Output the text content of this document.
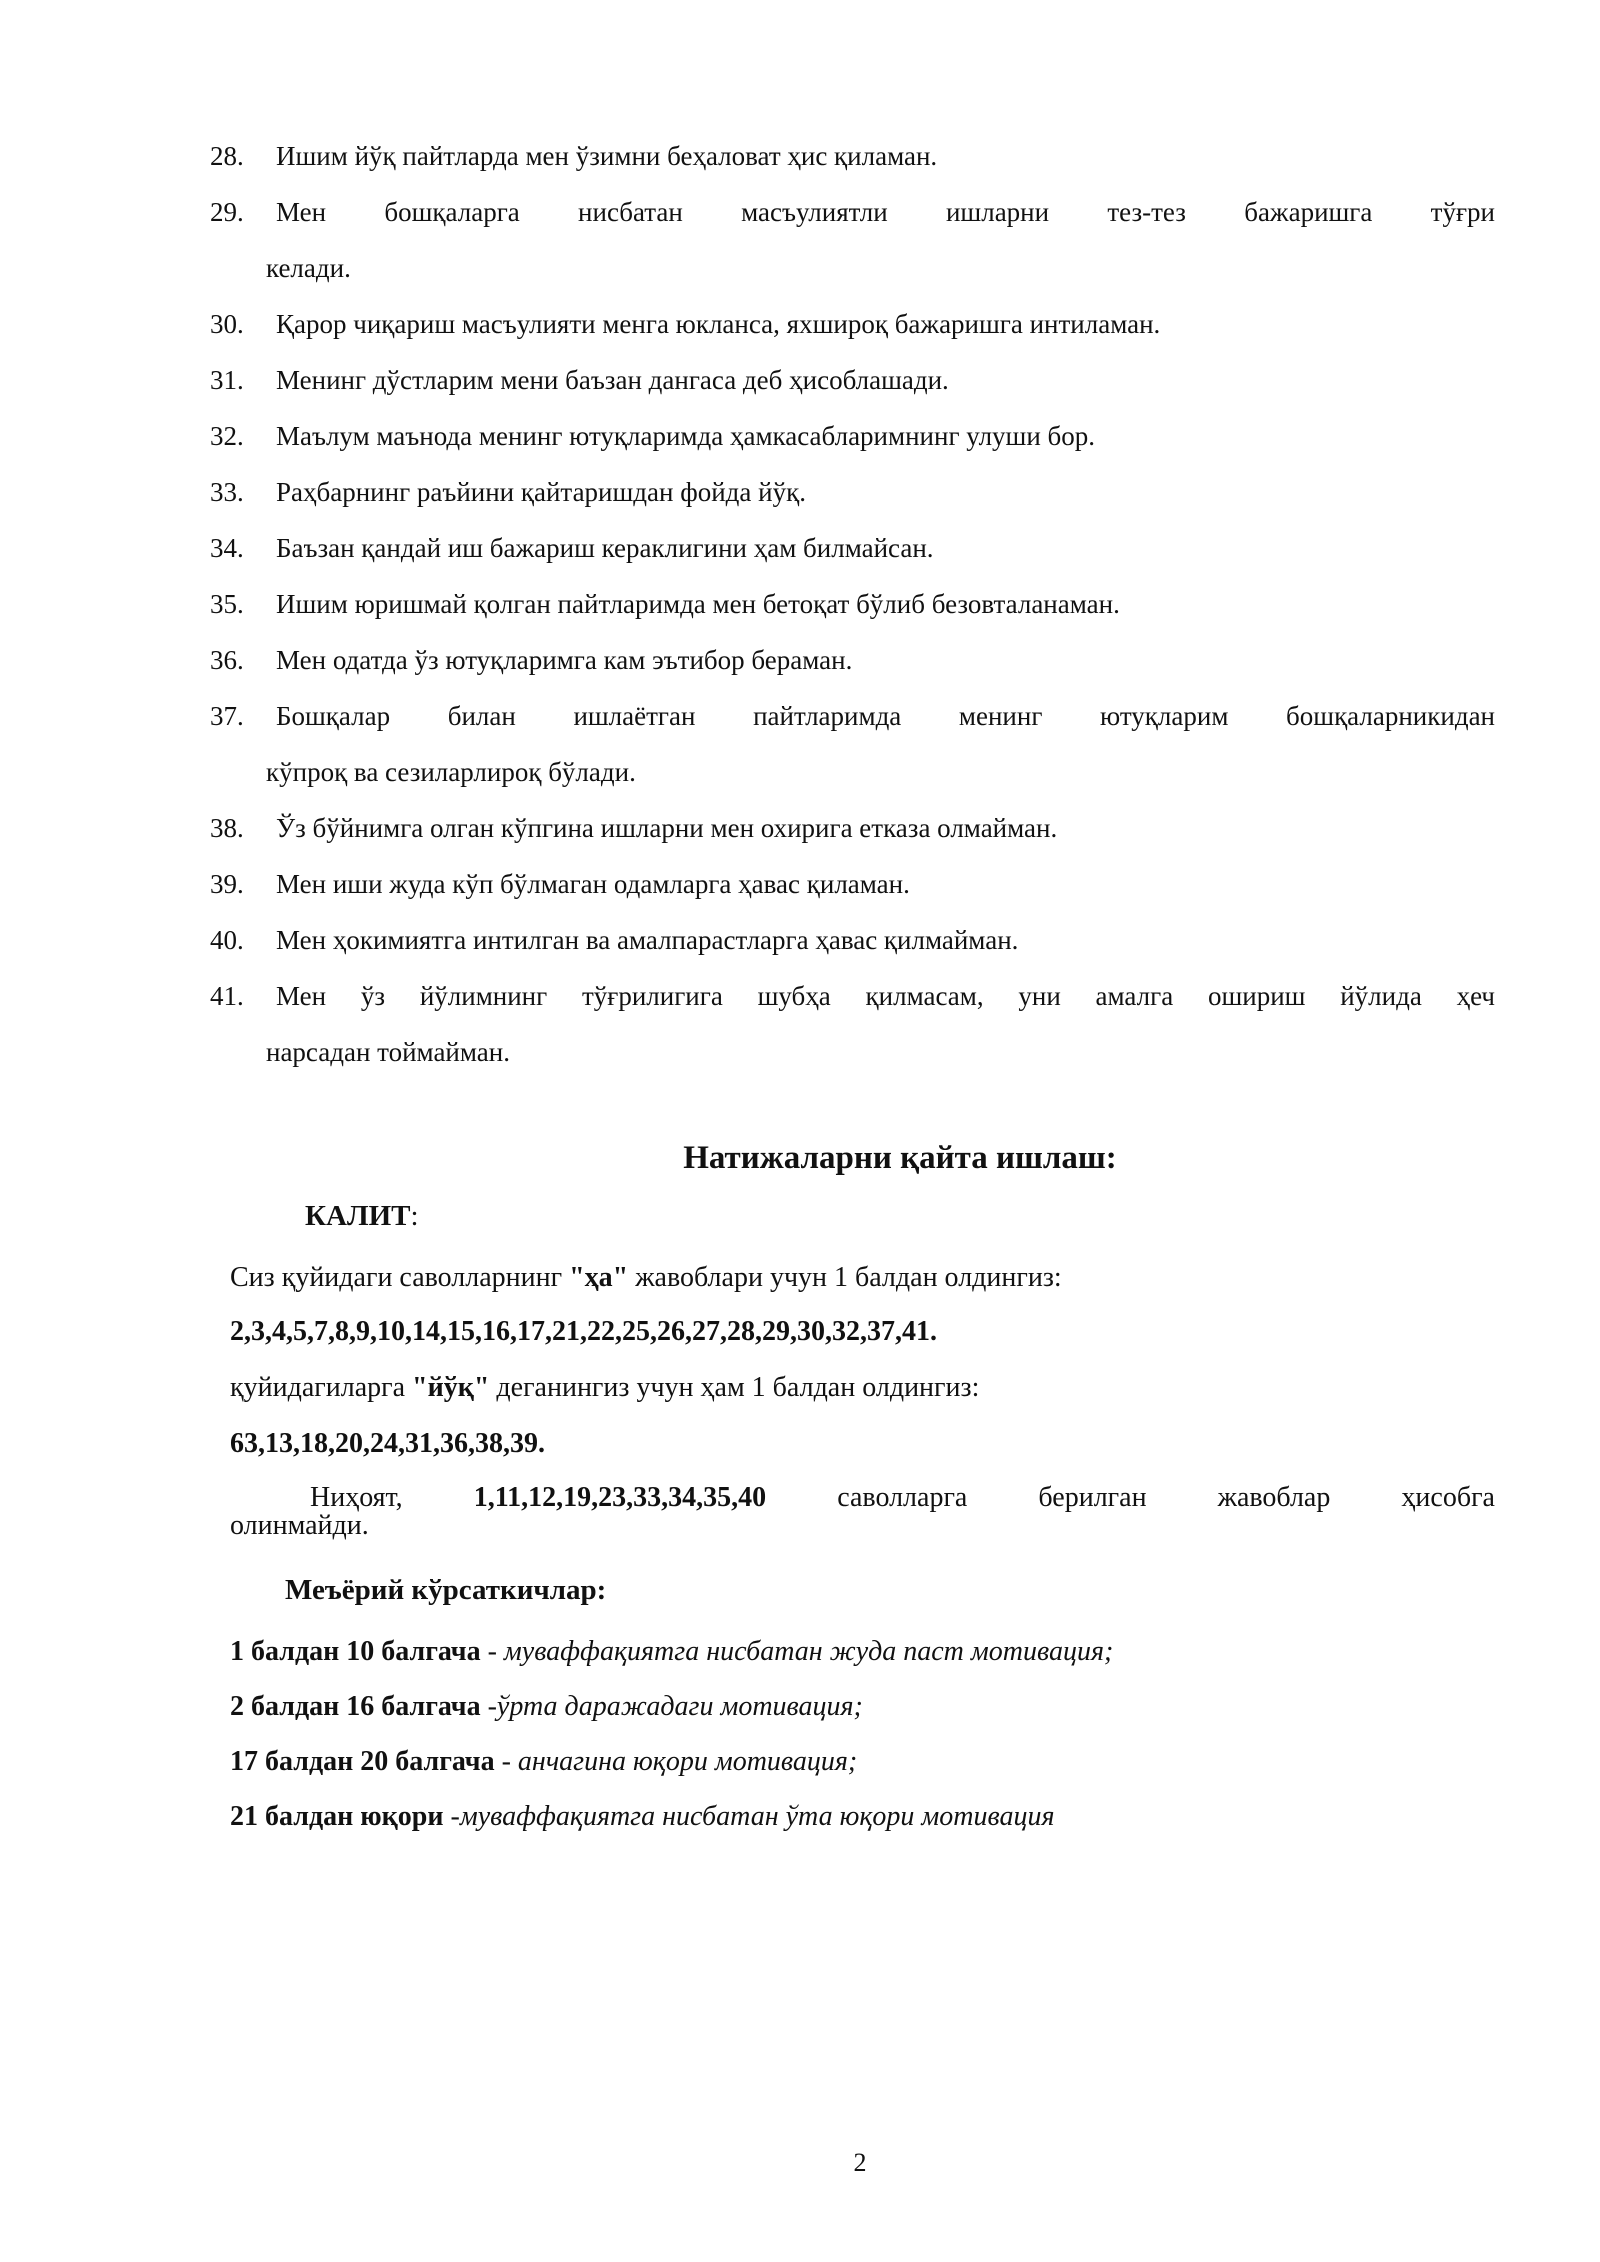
28.	Ишим йўқ пайтларда мен ўзимни беҳаловат ҳис қиламан.
29.	Мен бошқаларга нисбатан масъулиятли ишларни тез-тез бажаришга тўғри
келади.
30.	Қарор чиқариш масъулияти менга юкланса, яхшироқ бажаришга интиламан.
31.	Менинг дўстларим мени баъзан дангаса деб ҳисоблашади.
32.	Маълум маънода менинг ютуқларимда ҳамкасабларимнинг улуши бор.
33.	Раҳбарнинг раъйини қайтаришдан фойда йўқ.
34.	Баъзан қандай иш бажариш кераклигини ҳам билмайсан.
35.	Ишим юришмай қолган пайтларимда мен бетоқат бўлиб безовталанаман.
36.	Мен одатда ўз ютуқларимга кам эътибор бераман.
37.	Бошқалар билан ишлаётган пайтларимда менинг ютуқларим бошқаларникидан
кўпроқ ва сезиларлироқ бўлади.
38.	Ўз бўйнимга олган кўпгина ишларни мен охирига етказа олмайман.
39.	Мен иши жуда кўп бўлмаган одамларга ҳавас қиламан.
40.	Мен ҳокимиятга интилган ва амалпарастларга ҳавас қилмайман.
41.	Мен ўз йўлимнинг тўғрилигига шубҳа қилмасам, уни амалга ошириш йўлида ҳеч
нарсадан тоймайман.
Натижаларни қайта ишлаш:
КАЛИТ:
Сиз қуйидаги саволларнинг "ҳа" жавоблари учун 1 балдан олдингиз:
2,3,4,5,7,8,9,10,14,15,16,17,21,22,25,26,27,28,29,30,32,37,41.
қуйидагиларга "йўқ" деганингиз учун ҳам 1 балдан олдингиз:
63,13,18,20,24,31,36,38,39.
Ниҳоят,	1,11,12,19,23,33,34,35,40	саволларга	берилган	жавоблар	ҳисобга
олинмайди.
Меъёрий кўрсаткичлар:
1 балдан 10 балгача - муваффақиятга нисбатан жуда паст мотивация;
2 балдан 16 балгача -ўрта даражадаги мотивация;
17 балдан 20 балгача - анчагина юқори мотивация;
21 балдан юқори -муваффақиятга нисбатан ўта юқори мотивация
2
